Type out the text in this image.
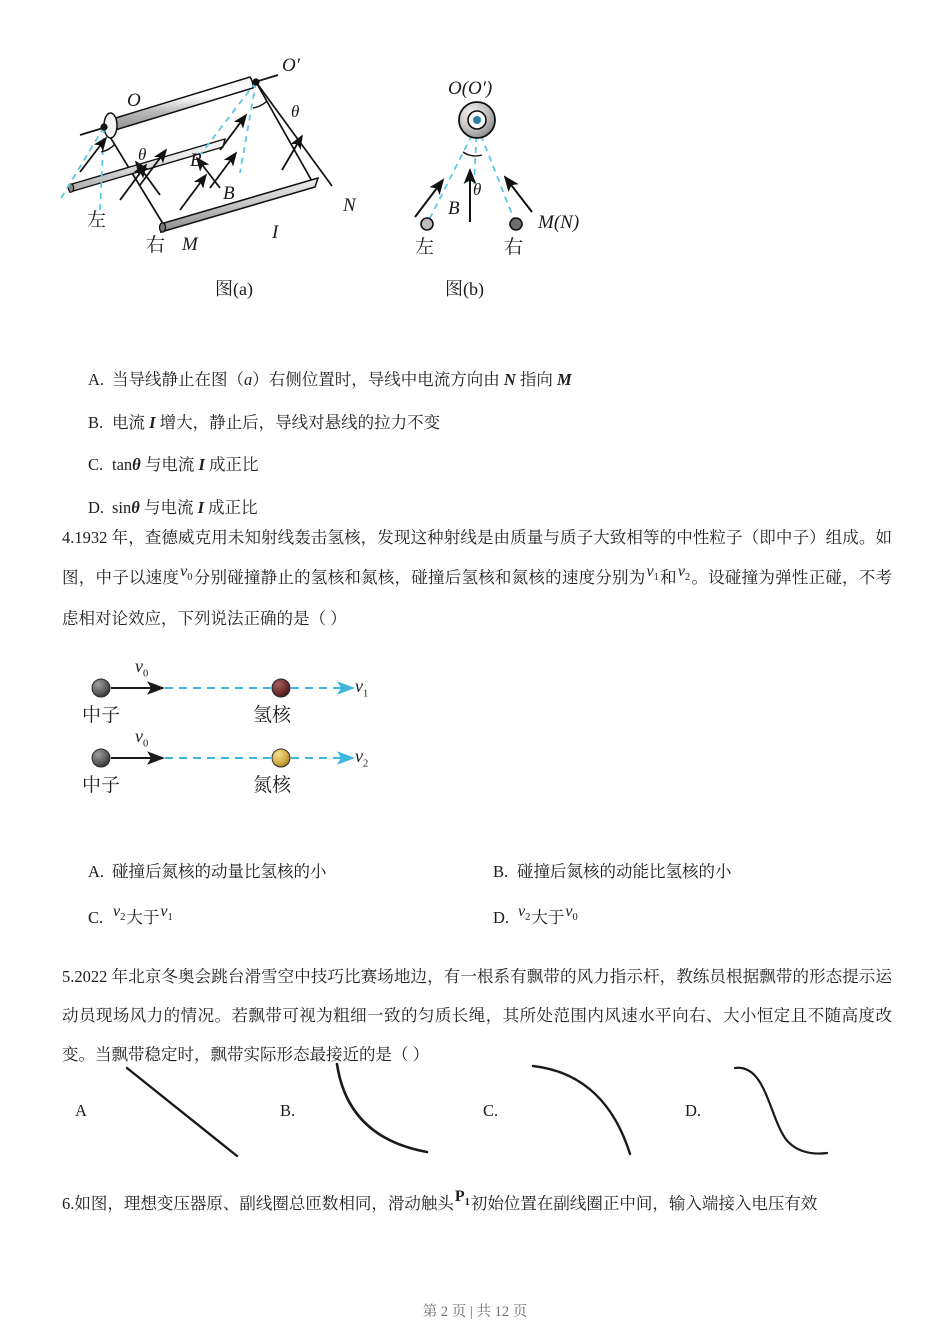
O
O′
θ
θ
B
B
I
M
N
左
右
图(a)
O(O′)
θ
B
左	右
M(N)
图(b)
A. 当导线静止在图（a）右侧位置时，导线中电流方向由 N 指向 M
B. 电流 I 增大，静止后，导线对悬线的拉力不变
C. tanθ 与电流 I 成正比
D. sinθ 与电流 I 成正比
4.1932 年，查德威克用未知射线轰击氢核，发现这种射线是由质量与质子大致相等的中性粒子（即中子）组成。如图，中子以速度$v_0$分别碰撞静止的氢核和氮核，碰撞后氢核和氮核的速度分别为$v_1$和$v_2$。设碰撞为弹性正碰，不考虑相对论效应，下列说法正确的是（ ）
$v_0$
$v_1$
中子	氢核
$v_0$
$v_2$
中子	氮核
A. 碰撞后氮核的动量比氢核的小	B. 碰撞后氮核的动能比氢核的小
C. $v_2$大于$v_1$	D. $v_2$大于$v_0$
5.2022 年北京冬奥会跳台滑雪空中技巧比赛场地边，有一根系有飘带的风力指示杆，教练员根据飘带的形态提示运动员现场风力的情况。若飘带可视为粗细一致的匀质长绳，其所处范围内风速水平向右、大小恒定且不随高度改变。当飘带稳定时，飘带实际形态最接近的是（ ）
A	B.	C.	D.
6.如图，理想变压器原、副线圈总匝数相同，滑动触头$P_1$初始位置在副线圈正中间，输入端接入电压有效
第 2 页 | 共 12 页
